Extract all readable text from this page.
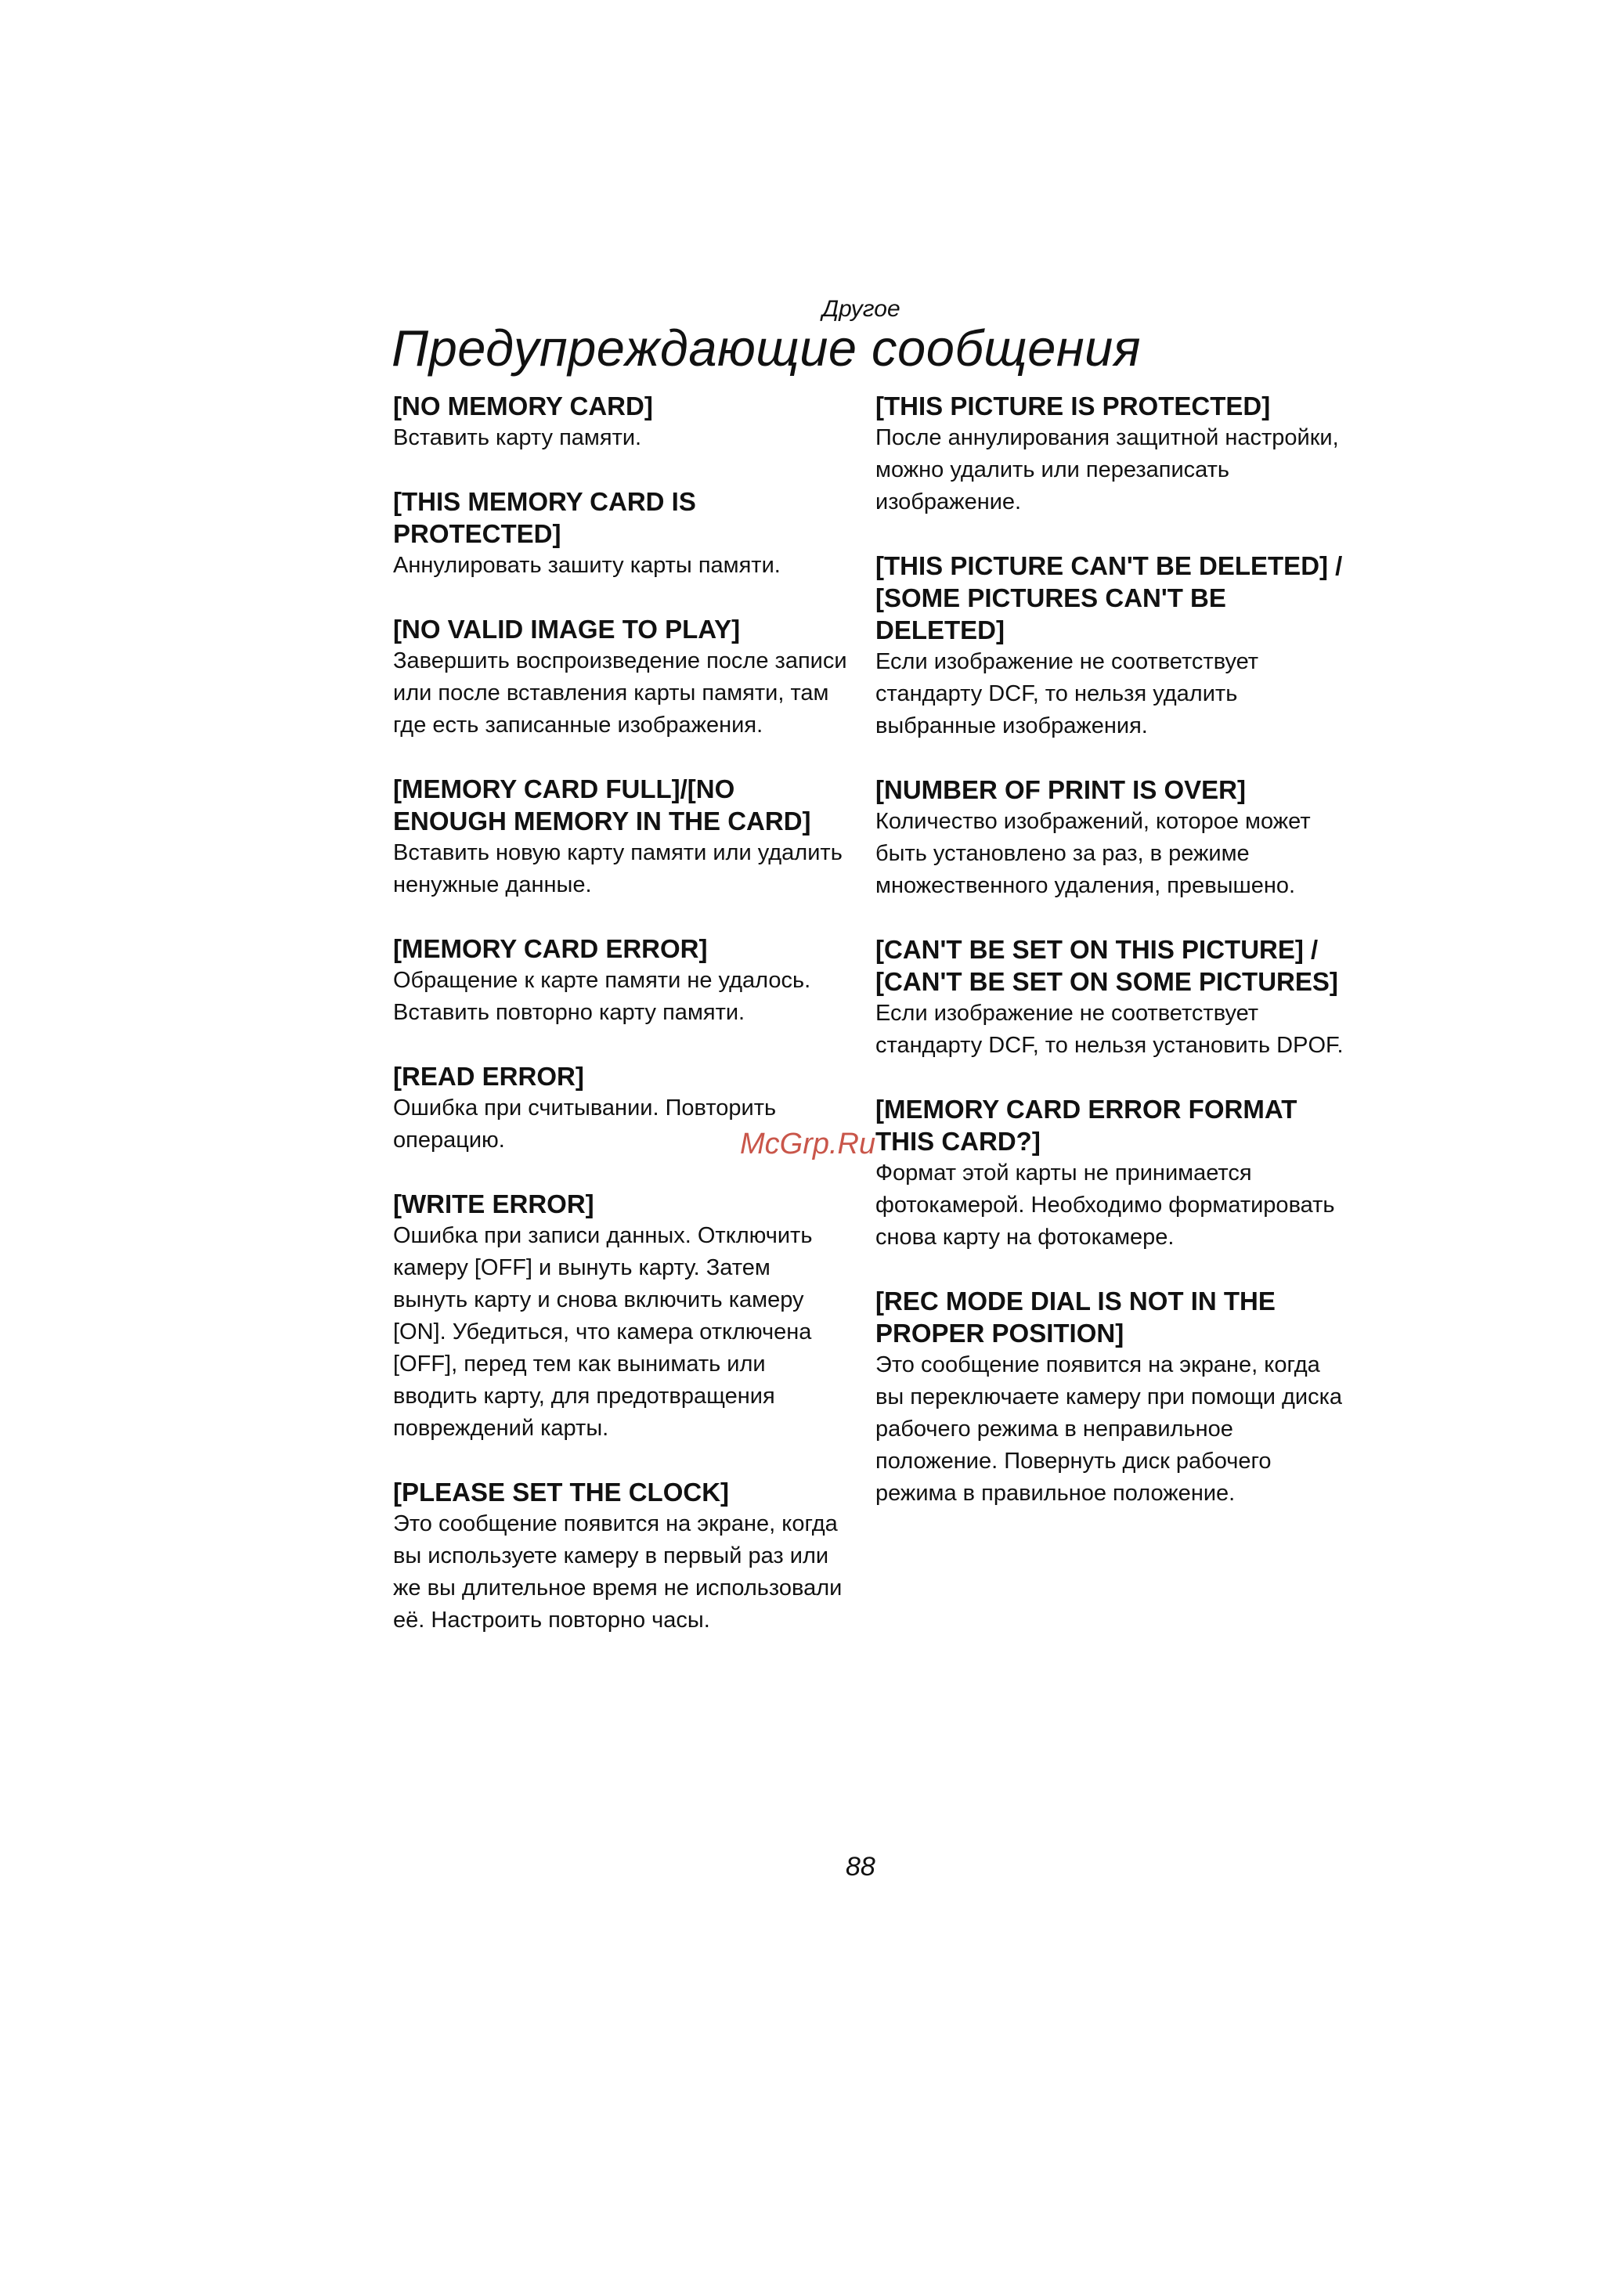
Другое
Предупреждающие сообщения

[NO MEMORY CARD]

Вставить карту памяти.

[THIS MEMORY CARD IS PROTECTED]

Аннулировать зашиту карты памяти.

[NO VALID IMAGE TO PLAY]

Завершить воспроизведение после записи или после вставления карты памяти, там где есть записанные изображения.

[MEMORY CARD FULL]/[NO ENOUGH MEMORY IN THE CARD]

Вставить новую карту памяти или удалить ненужные данные.

[MEMORY CARD ERROR]

Обращение к карте памяти не удалось. Вставить повторно карту памяти.

[READ ERROR]

Ошибка при считывании. Повторить операцию.

[WRITE ERROR]

Ошибка при записи данных. Отключить камеру [OFF] и вынуть карту. Затем вынуть карту и снова включить камеру [ON]. Убедиться, что камера отключена [OFF], перед тем как вынимать или вводить карту, для предотвращения повреждений карты.

[PLEASE SET THE CLOCK]

Это сообщение появится на экране, когда вы используете камеру в первый раз или же вы длительное время не использовали её. Настроить повторно часы.

[THIS PICTURE IS PROTECTED]

После аннулирования защитной настройки, можно удалить или перезаписать изображение.

[THIS PICTURE CAN'T BE DELETED] / [SOME PICTURES CAN'T BE DELETED]

Если изображение не соответствует стандарту DCF, то нельзя удалить выбранные изображения.

[NUMBER OF PRINT IS OVER]

Количество изображений, которое может быть установлено за раз, в режиме множественного удаления, превышено.

[CAN'T BE SET ON THIS PICTURE] / [CAN'T BE SET ON SOME PICTURES]

Если изображение не соответствует стандарту DCF, то нельзя установить DPOF.

[MEMORY CARD ERROR FORMAT THIS CARD?]

Формат этой карты не принимается фотокамерой. Необходимо форматировать снова карту на фотокамере.

[REC MODE DIAL IS NOT IN THE PROPER POSITION]

Это сообщение появится на экране, когда вы переключаете камеру при помощи диска рабочего режима в неправильное положение. Повернуть диск рабочего режима в правильное положение.

McGrp.Ru
88
